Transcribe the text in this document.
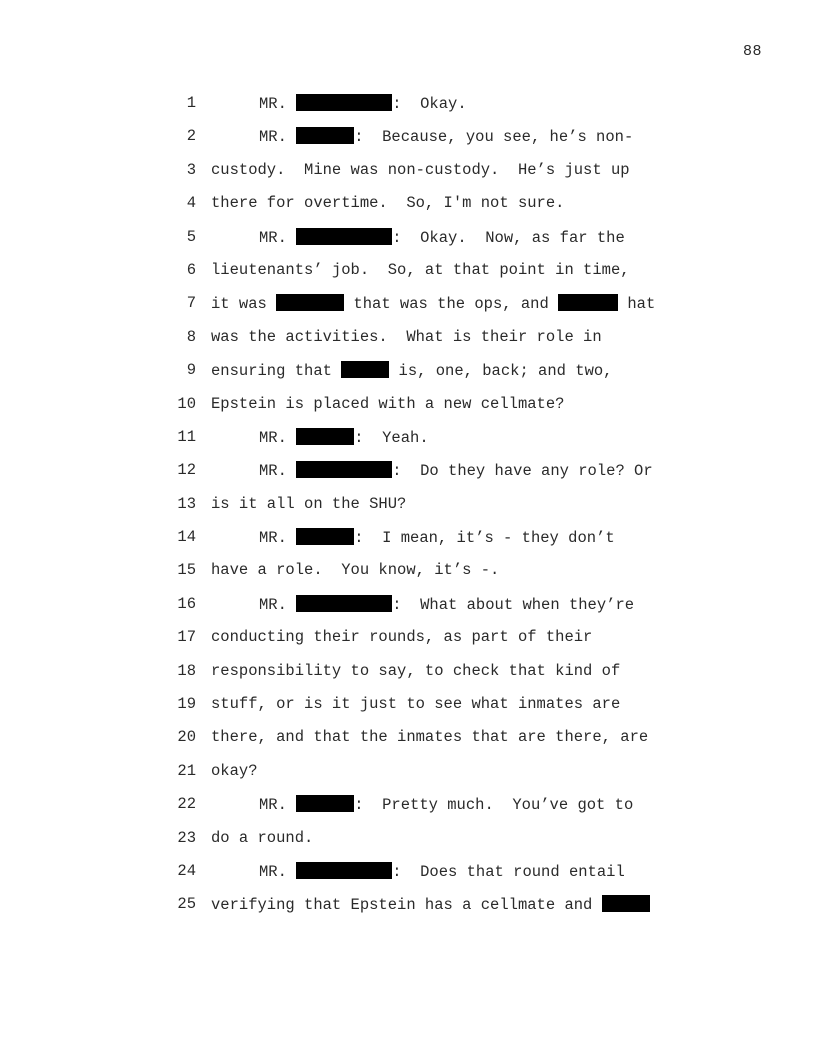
88

1

	MR.	:  Okay.

2

	MR.	:  Because, you see, he’s non-

3

custody.  Mine was non-custody.  He’s just up

4

there for overtime.  So, I'm not sure.

5

	MR.	:  Okay.  Now, as far the

6

lieutenants’ job.  So, at that point in time,

7

it was	that was the ops, and	hat

8

was the activities.  What is their role in

9

ensuring that	is, one, back; and two,

10

Epstein is placed with a new cellmate?

11

	MR.	:  Yeah.

12

	MR.	:  Do they have any role? Or

13

is it all on the SHU?

14

	MR.	:  I mean, it’s - they don’t

15

have a role.  You know, it’s -.

16

	MR.	:  What about when they’re

17

conducting their rounds, as part of their

18

responsibility to say, to check that kind of

19

stuff, or is it just to see what inmates are

20

there, and that the inmates that are there, are

21

okay?

22

	MR.	:  Pretty much.  You’ve got to

23

do a round.

24

	MR.	:  Does that round entail

25

verifying that Epstein has a cellmate and
